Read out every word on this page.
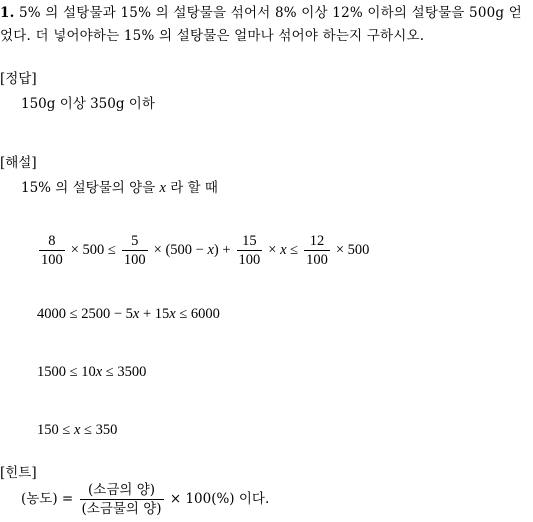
1. 5% 의 설탕물과 15% 의 설탕물을 섞어서 8% 이상 12% 이하의 설탕물을 500g 얻었다. 더 넣어야하는 15% 의 설탕물은 얼마나 섞어야 하는지 구하시오.
[정답]
150g 이상 350g 이하
[해설]
15% 의 설탕물의 양을 x 라 할 때
$\frac{8}{100} \times 500 \le \frac{5}{100} \times (500 - x) + \frac{15}{100} \times x \le \frac{12}{100} \times 500$
4000 ≤ 2500 − 5x + 15x ≤ 6000
1500 ≤ 10x ≤ 3500
150 ≤ x ≤ 350
[힌트]
(농도) = $\frac{\text{(소금의 양)}}{\text{(소금물의 양)}} \times 100(\%)$ 이다.
